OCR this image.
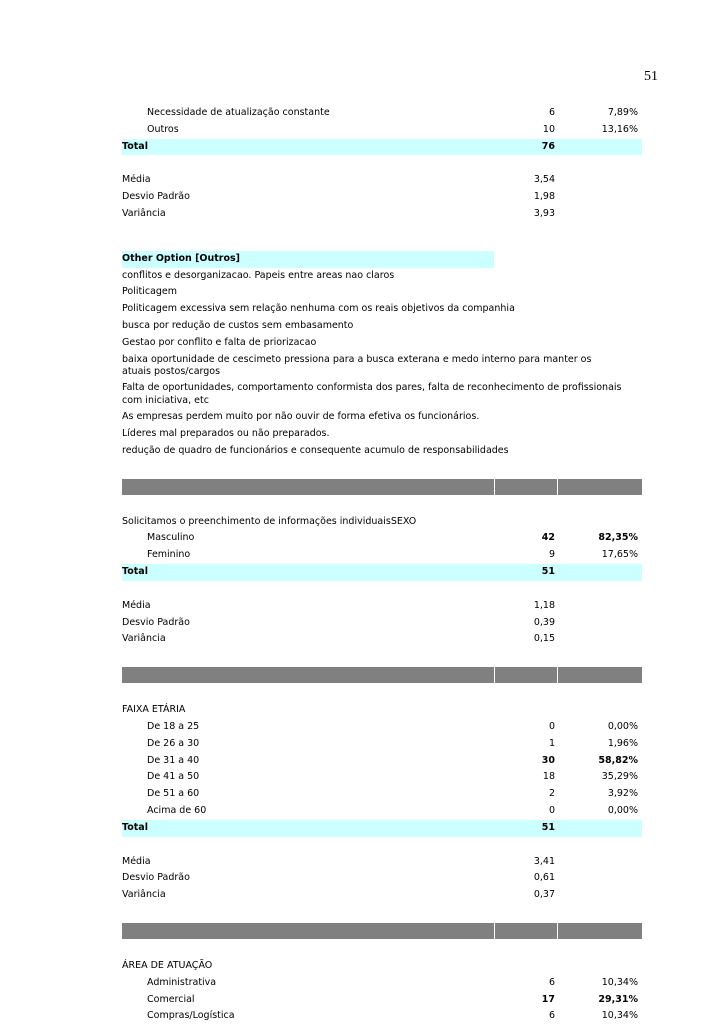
51
Necessidade de atualização constante	6	7,89%
Outros	10	13,16%
Total	76
Média	3,54
Desvio Padrão	1,98
Variância	3,93
Other Option [Outros]
conflitos e desorganizacao. Papeis entre areas nao claros
Politicagem
Politicagem excessiva sem relação nenhuma com os reais objetivos da companhia
busca por redução de custos sem embasamento
Gestao por conflito e falta de priorizacao
baixa oportunidade de cescimeto pressiona para a busca exterana e medo interno para manter os atuais postos/cargos
Falta de oportunidades, comportamento conformista dos pares, falta de reconhecimento de profissionais com iniciativa, etc
As empresas perdem muito por não ouvir de forma efetiva os funcionários.
Líderes mal preparados ou não preparados.
redução de quadro de funcionários e consequente acumulo de responsabilidades
Solicitamos o preenchimento de informações individuaisSEXO
Masculino	42	82,35%
Feminino	9	17,65%
Total	51
Média	1,18
Desvio Padrão	0,39
Variância	0,15
FAIXA ETÁRIA
De 18 a 25	0	0,00%
De 26 a 30	1	1,96%
De 31 a 40	30	58,82%
De 41 a 50	18	35,29%
De 51 a 60	2	3,92%
Acima de 60	0	0,00%
Total	51
Média	3,41
Desvio Padrão	0,61
Variância	0,37
ÁREA DE ATUAÇÃO
Administrativa	6	10,34%
Comercial	17	29,31%
Compras/Logística	6	10,34%
